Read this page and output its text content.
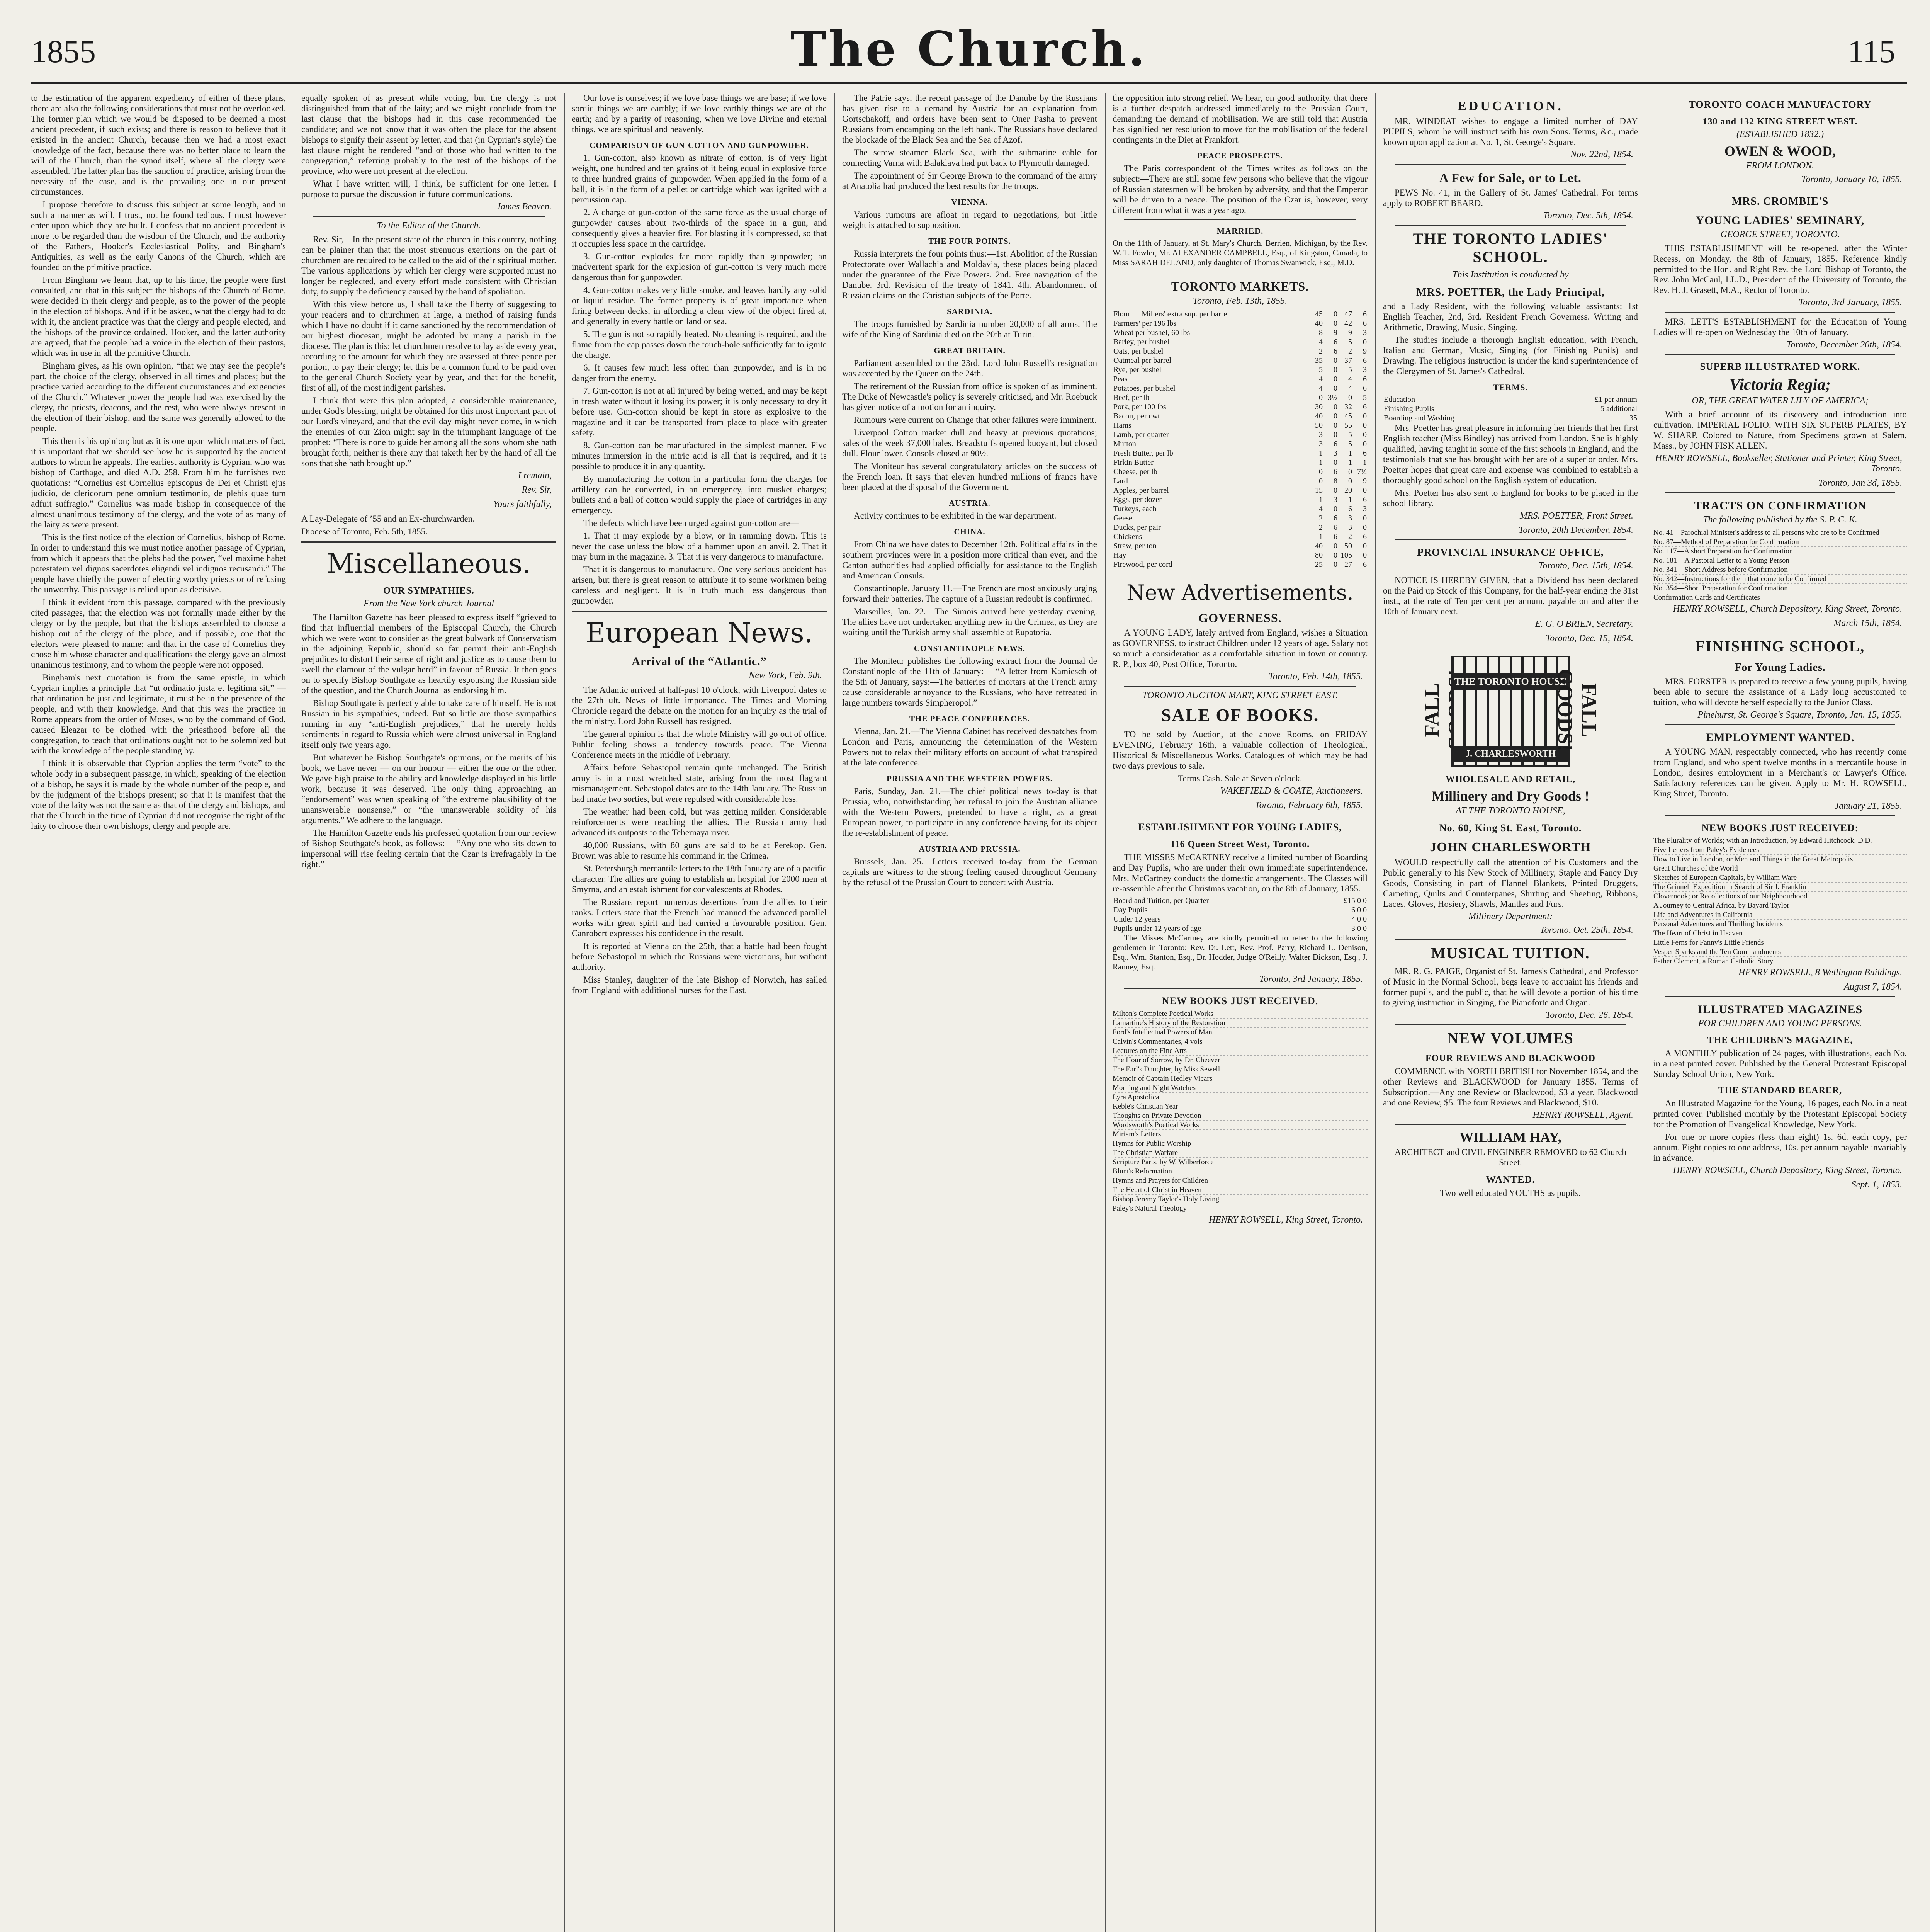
1855	The Church.	115

to the estimation of the apparent expediency of either of these plans, there are also the following considerations that must not be overlooked. The former plan which we would be disposed to be deemed a most ancient precedent, if such exists; and there is reason to believe that it existed in the ancient Church, because then we had a most exact knowledge of the fact, because there was no better place to learn the will of the Church, than the synod itself, where all the clergy were assembled. The latter plan has the sanction of practice, arising from the necessity of the case, and is the prevailing one in our present circumstances.

I propose therefore to discuss this subject at some length, and in such a manner as will, I trust, not be found tedious. I must however enter upon which they are built. I confess that no ancient precedent is more to be regarded than the wisdom of the Church, and the authority of the Fathers, Hooker's Ecclesiastical Polity, and Bingham's Antiquities, as well as the early Canons of the Church, which are founded on the primitive practice.

From Bingham we learn that, up to his time, the people were first consulted, and that in this subject the bishops of the Church of Rome, were decided in their clergy and people, as to the power of the people in the election of bishops. And if it be asked, what the clergy had to do with it, the ancient practice was that the clergy and people elected, and the bishops of the province ordained. Hooker, and the latter authority are agreed, that the people had a voice in the election of their pastors, which was in use in all the primitive Church.

Bingham gives, as his own opinion, “that we may see the people’s part, the choice of the clergy, observed in all times and places; but the practice varied according to the different circumstances and exigencies of the Church.” Whatever power the people had was exercised by the clergy, the priests, deacons, and the rest, who were always present in the election of their bishop, and the same was generally allowed to the people.

This then is his opinion; but as it is one upon which matters of fact, it is important that we should see how he is supported by the ancient authors to whom he appeals. The earliest authority is Cyprian, who was bishop of Carthage, and died A.D. 258. From him he furnishes two quotations: “Cornelius est Cornelius episcopus de Dei et Christi ejus judicio, de clericorum pene omnium testimonio, de plebis quae tum adfuit suffragio.” Cornelius was made bishop in consequence of the almost unanimous testimony of the clergy, and the vote of as many of the laity as were present.

This is the first notice of the election of Cornelius, bishop of Rome. In order to understand this we must notice another passage of Cyprian, from which it appears that the plebs had the power, “vel maxime habet potestatem vel dignos sacerdotes eligendi vel indignos recusandi.” The people have chiefly the power of electing worthy priests or of refusing the unworthy. This passage is relied upon as decisive.

I think it evident from this passage, compared with the previously cited passages, that the election was not formally made either by the clergy or by the people, but that the bishops assembled to choose a bishop out of the clergy of the place, and if possible, one that the electors were pleased to name; and that in the case of Cornelius they chose him whose character and qualifications the clergy gave an almost unanimous testimony, and to whom the people were not opposed.

Bingham's next quotation is from the same epistle, in which Cyprian implies a principle that “ut ordinatio justa et legitima sit,” — that ordination be just and legitimate, it must be in the presence of the people, and with their knowledge. And that this was the practice in Rome appears from the order of Moses, who by the command of God, caused Eleazar to be clothed with the priesthood before all the congregation, to teach that ordinations ought not to be solemnized but with the knowledge of the people standing by.

I think it is observable that Cyprian applies the term “vote” to the whole body in a subsequent passage, in which, speaking of the election of a bishop, he says it is made by the whole number of the people, and by the judgment of the bishops present; so that it is manifest that the vote of the laity was not the same as that of the clergy and bishops, and that the Church in the time of Cyprian did not recognise the right of the laity to choose their own bishops, clergy and people are.

equally spoken of as present while voting, but the clergy is not distinguished from that of the laity; and we might conclude from the last clause that the bishops had in this case recommended the candidate; and we not know that it was often the place for the absent bishops to signify their assent by letter, and that (in Cyprian's style) the last clause might be rendered “and of those who had written to the congregation,” referring probably to the rest of the bishops of the province, who were not present at the election.

What I have written will, I think, be sufficient for one letter. I purpose to pursue the discussion in future communications.

James Beaven.
To the Editor of the Church.

Rev. Sir,—In the present state of the church in this country, nothing can be plainer than that the most strenuous exertions on the part of churchmen are required to be called to the aid of their spiritual mother. The various applications by which her clergy were supported must no longer be neglected, and every effort made consistent with Christian duty, to supply the deficiency caused by the hand of spoliation.

With this view before us, I shall take the liberty of suggesting to your readers and to churchmen at large, a method of raising funds which I have no doubt if it came sanctioned by the recommendation of our highest diocesan, might be adopted by many a parish in the diocese. The plan is this: let churchmen resolve to lay aside every year, according to the amount for which they are assessed at three pence per portion, to pay their clergy; let this be a common fund to be paid over to the general Church Society year by year, and that for the benefit, first of all, of the most indigent parishes.

I think that were this plan adopted, a considerable maintenance, under God's blessing, might be obtained for this most important part of our Lord's vineyard, and that the evil day might never come, in which the enemies of our Zion might say in the triumphant language of the prophet: “There is none to guide her among all the sons whom she hath brought forth; neither is there any that taketh her by the hand of all the sons that she hath brought up.”

I remain,
Rev. Sir,
Yours faithfully,

A Lay-Delegate of ’55 and an Ex-churchwarden.

Diocese of Toronto, Feb. 5th, 1855.

Miscellaneous.
OUR SYMPATHIES.
From the New York church Journal

The Hamilton Gazette has been pleased to express itself “grieved to find that influential members of the Episcopal Church, the Church which we were wont to consider as the great bulwark of Conservatism in the adjoining Republic, should so far permit their anti-English prejudices to distort their sense of right and justice as to cause them to swell the clamour of the vulgar herd” in favour of Russia. It then goes on to specify Bishop Southgate as heartily espousing the Russian side of the question, and the Church Journal as endorsing him.

Bishop Southgate is perfectly able to take care of himself. He is not Russian in his sympathies, indeed. But so little are those sympathies running in any “anti-English prejudices,” that he merely holds sentiments in regard to Russia which were almost universal in England itself only two years ago.

But whatever be Bishop Southgate's opinions, or the merits of his book, we have never — on our honour — either the one or the other. We gave high praise to the ability and knowledge displayed in his little work, because it was deserved. The only thing approaching an “endorsement” was when speaking of “the extreme plausibility of the unanswerable nonsense,” or “the unanswerable solidity of his arguments.” We adhere to the language.

The Hamilton Gazette ends his professed quotation from our review of Bishop Southgate's book, as follows:— “Any one who sits down to impersonal will rise feeling certain that the Czar is irrefragably in the right.”

Our love is ourselves; if we love base things we are base; if we love sordid things we are earthly; if we love earthly things we are of the earth; and by a parity of reasoning, when we love Divine and eternal things, we are spiritual and heavenly.

COMPARISON OF GUN-COTTON AND GUNPOWDER.

1. Gun-cotton, also known as nitrate of cotton, is of very light weight, one hundred and ten grains of it being equal in explosive force to three hundred grains of gunpowder. When applied in the form of a ball, it is in the form of a pellet or cartridge which was ignited with a percussion cap.

2. A charge of gun-cotton of the same force as the usual charge of gunpowder causes about two-thirds of the space in a gun, and consequently gives a heavier fire. For blasting it is compressed, so that it occupies less space in the cartridge.

3. Gun-cotton explodes far more rapidly than gunpowder; an inadvertent spark for the explosion of gun-cotton is very much more dangerous than for gunpowder.

4. Gun-cotton makes very little smoke, and leaves hardly any solid or liquid residue. The former property is of great importance when firing between decks, in affording a clear view of the object fired at, and generally in every battle on land or sea.

5. The gun is not so rapidly heated. No cleaning is required, and the flame from the cap passes down the touch-hole sufficiently far to ignite the charge.

6. It causes few much less often than gunpowder, and is in no danger from the enemy.

7. Gun-cotton is not at all injured by being wetted, and may be kept in fresh water without it losing its power; it is only necessary to dry it before use. Gun-cotton should be kept in store as explosive to the magazine and it can be transported from place to place with greater safety.

8. Gun-cotton can be manufactured in the simplest manner. Five minutes immersion in the nitric acid is all that is required, and it is possible to produce it in any quantity.

By manufacturing the cotton in a particular form the charges for artillery can be converted, in an emergency, into musket charges; bullets and a ball of cotton would supply the place of cartridges in any emergency.

The defects which have been urged against gun-cotton are—

1. That it may explode by a blow, or in ramming down. This is never the case unless the blow of a hammer upon an anvil. 2. That it may burn in the magazine. 3. That it is very dangerous to manufacture.

That it is dangerous to manufacture. One very serious accident has arisen, but there is great reason to attribute it to some workmen being careless and negligent. It is in truth much less dangerous than gunpowder.

European News.
Arrival of the “Atlantic.”
New York, Feb. 9th.

The Atlantic arrived at half-past 10 o'clock, with Liverpool dates to the 27th ult. News of little importance. The Times and Morning Chronicle regard the debate on the motion for an inquiry as the trial of the ministry. Lord John Russell has resigned.

The general opinion is that the whole Ministry will go out of office. Public feeling shows a tendency towards peace. The Vienna Conference meets in the middle of February.

Affairs before Sebastopol remain quite unchanged. The British army is in a most wretched state, arising from the most flagrant mismanagement. Sebastopol dates are to the 14th January. The Russian had made two sorties, but were repulsed with considerable loss.

The weather had been cold, but was getting milder. Considerable reinforcements were reaching the allies. The Russian army had advanced its outposts to the Tchernaya river.

40,000 Russians, with 80 guns are said to be at Perekop. Gen. Brown was able to resume his command in the Crimea.

St. Petersburgh mercantile letters to the 18th January are of a pacific character. The allies are going to establish an hospital for 2000 men at Smyrna, and an establishment for convalescents at Rhodes.

The Russians report numerous desertions from the allies to their ranks. Letters state that the French had manned the advanced parallel works with great spirit and had carried a favourable position. Gen. Canrobert expresses his confidence in the result.

It is reported at Vienna on the 25th, that a battle had been fought before Sebastopol in which the Russians were victorious, but without authority.

Miss Stanley, daughter of the late Bishop of Norwich, has sailed from England with additional nurses for the East.

The Patrie says, the recent passage of the Danube by the Russians has given rise to a demand by Austria for an explanation from Gortschakoff, and orders have been sent to Oner Pasha to prevent Russians from encamping on the left bank. The Russians have declared the blockade of the Black Sea and the Sea of Azof.

The screw steamer Black Sea, with the submarine cable for connecting Varna with Balaklava had put back to Plymouth damaged.

The appointment of Sir George Brown to the command of the army at Anatolia had produced the best results for the troops.

VIENNA.

Various rumours are afloat in regard to negotiations, but little weight is attached to supposition.

THE FOUR POINTS.

Russia interprets the four points thus:—1st. Abolition of the Russian Protectorate over Wallachia and Moldavia, these places being placed under the guarantee of the Five Powers. 2nd. Free navigation of the Danube. 3rd. Revision of the treaty of 1841. 4th. Abandonment of Russian claims on the Christian subjects of the Porte.

SARDINIA.

The troops furnished by Sardinia number 20,000 of all arms. The wife of the King of Sardinia died on the 20th at Turin.

GREAT BRITAIN.

Parliament assembled on the 23rd. Lord John Russell's resignation was accepted by the Queen on the 24th.

The retirement of the Russian from office is spoken of as imminent. The Duke of Newcastle's policy is severely criticised, and Mr. Roebuck has given notice of a motion for an inquiry.

Rumours were current on Change that other failures were imminent.

Liverpool Cotton market dull and heavy at previous quotations; sales of the week 37,000 bales. Breadstuffs opened buoyant, but closed dull. Flour lower. Consols closed at 90½.

The Moniteur has several congratulatory articles on the success of the French loan. It says that eleven hundred millions of francs have been placed at the disposal of the Government.

AUSTRIA.

Activity continues to be exhibited in the war department.

CHINA.

From China we have dates to December 12th. Political affairs in the southern provinces were in a position more critical than ever, and the Canton authorities had applied officially for assistance to the English and American Consuls.

Constantinople, January 11.—The French are most anxiously urging forward their batteries. The capture of a Russian redoubt is confirmed.

Marseilles, Jan. 22.—The Simois arrived here yesterday evening. The allies have not undertaken anything new in the Crimea, as they are waiting until the Turkish army shall assemble at Eupatoria.

CONSTANTINOPLE NEWS.

The Moniteur publishes the following extract from the Journal de Constantinople of the 11th of January:— “A letter from Kamiesch of the 5th of January, says:—The batteries of mortars at the French army cause considerable annoyance to the Russians, who have retreated in large numbers towards Simpheropol.”

THE PEACE CONFERENCES.

Vienna, Jan. 21.—The Vienna Cabinet has received despatches from London and Paris, announcing the determination of the Western Powers not to relax their military efforts on account of what transpired at the late conference.

PRUSSIA AND THE WESTERN POWERS.

Paris, Sunday, Jan. 21.—The chief political news to-day is that Prussia, who, notwithstanding her refusal to join the Austrian alliance with the Western Powers, pretended to have a right, as a great European power, to participate in any conference having for its object the re-establishment of peace.

AUSTRIA AND PRUSSIA.

Brussels, Jan. 25.—Letters received to-day from the German capitals are witness to the strong feeling caused throughout Germany by the refusal of the Prussian Court to concert with Austria.

the opposition into strong relief. We hear, on good authority, that there is a further despatch addressed immediately to the Prussian Court, demanding the demand of mobilisation. We are still told that Austria has signified her resolution to move for the mobilisation of the federal contingents in the Diet at Frankfort.

PEACE PROSPECTS.

The Paris correspondent of the Times writes as follows on the subject:—There are still some few persons who believe that the vigour of Russian statesmen will be broken by adversity, and that the Emperor will be driven to a peace. The position of the Czar is, however, very different from what it was a year ago.

MARRIED.

On the 11th of January, at St. Mary's Church, Berrien, Michigan, by the Rev. W. T. Fowler, Mr. ALEXANDER CAMPBELL, Esq., of Kingston, Canada, to Miss SARAH DELANO, only daughter of Thomas Swanwick, Esq., M.D.

TORONTO MARKETS.
Toronto, Feb. 13th, 1855.
Flour — Millers' extra sup. per barrel	45	0	47	6
Farmers' per 196 lbs	40	0	42	6
Wheat per bushel, 60 lbs	8	9	9	3
Barley, per bushel	4	6	5	0
Oats, per bushel	2	6	2	9
Oatmeal per barrel	35	0	37	6
Rye, per bushel	5	0	5	3
Peas	4	0	4	6
Potatoes, per bushel	4	0	4	6
Beef, per lb	0	3½	0	5
Pork, per 100 lbs	30	0	32	6
Bacon, per cwt	40	0	45	0
Hams	50	0	55	0
Lamb, per quarter	3	0	5	0
Mutton	3	6	5	0
Fresh Butter, per lb	1	3	1	6
Firkin Butter	1	0	1	1
Cheese, per lb	0	6	0	7½
Lard	0	8	0	9
Apples, per barrel	15	0	20	0
Eggs, per dozen	1	3	1	6
Turkeys, each	4	0	6	3
Geese	2	6	3	0
Ducks, per pair	2	6	3	0
Chickens	1	6	2	6
Straw, per ton	40	0	50	0
Hay	80	0	105	0
Firewood, per cord	25	0	27	6
New Advertisements.
GOVERNESS.

A YOUNG LADY, lately arrived from England, wishes a Situation as GOVERNESS, to instruct Children under 12 years of age. Salary not so much a consideration as a comfortable situation in town or country. R. P., box 40, Post Office, Toronto.

Toronto, Feb. 14th, 1855.
TORONTO AUCTION MART, KING STREET EAST.
SALE OF BOOKS.

TO be sold by Auction, at the above Rooms, on FRIDAY EVENING, February 16th, a valuable collection of Theological, Historical & Miscellaneous Works. Catalogues of which may be had two days previous to sale.

Terms Cash. Sale at Seven o'clock.

WAKEFIELD & COATE, Auctioneers.
Toronto, February 6th, 1855.
ESTABLISHMENT FOR YOUNG LADIES,
116 Queen Street West, Toronto.

THE MISSES McCARTNEY receive a limited number of Boarding and Day Pupils, who are under their own immediate superintendence. Mrs. McCartney conducts the domestic arrangements. The Classes will re-assemble after the Christmas vacation, on the 8th of January, 1855.

Board and Tuition, per Quarter	£15 0 0
Day Pupils	6 0 0
Under 12 years	4 0 0
Pupils under 12 years of age	3 0 0

The Misses McCartney are kindly permitted to refer to the following gentlemen in Toronto: Rev. Dr. Lett, Rev. Prof. Parry, Richard L. Denison, Esq., Wm. Stanton, Esq., Dr. Hodder, Judge O'Reilly, Walter Dickson, Esq., J. Ranney, Esq.

Toronto, 3rd January, 1855.
NEW BOOKS JUST RECEIVED.
Milton's Complete Poetical Works
Lamartine's History of the Restoration
Ford's Intellectual Powers of Man
Calvin's Commentaries, 4 vols
Lectures on the Fine Arts
The Hour of Sorrow, by Dr. Cheever
The Earl's Daughter, by Miss Sewell
Memoir of Captain Hedley Vicars
Morning and Night Watches
Lyra Apostolica
Keble's Christian Year
Thoughts on Private Devotion
Wordsworth's Poetical Works
Miriam's Letters
Hymns for Public Worship
The Christian Warfare
Scripture Parts, by W. Wilberforce
Blunt's Reformation
Hymns and Prayers for Children
The Heart of Christ in Heaven
Bishop Jeremy Taylor's Holy Living
Paley's Natural Theology
HENRY ROWSELL, King Street, Toronto.
EDUCATION.

MR. WINDEAT wishes to engage a limited number of DAY PUPILS, whom he will instruct with his own Sons. Terms, &c., made known upon application at No. 1, St. George's Square.

Nov. 22nd, 1854.
A Few for Sale, or to Let.

PEWS No. 41, in the Gallery of St. James' Cathedral. For terms apply to ROBERT BEARD.

Toronto, Dec. 5th, 1854.
THE TORONTO LADIES' SCHOOL.
This Institution is conducted by
MRS. POETTER, the Lady Principal,

and a Lady Resident, with the following valuable assistants: 1st English Teacher, 2nd, 3rd. Resident French Governess. Writing and Arithmetic, Drawing, Music, Singing.

The studies include a thorough English education, with French, Italian and German, Music, Singing (for Finishing Pupils) and Drawing. The religious instruction is under the kind superintendence of the Clergymen of St. James's Cathedral.

TERMS.
Education	£1 per annum
Finishing Pupils	5 additional
Boarding and Washing	35

Mrs. Poetter has great pleasure in informing her friends that her first English teacher (Miss Bindley) has arrived from London. She is highly qualified, having taught in some of the first schools in England, and the testimonials that she has brought with her are of a superior order. Mrs. Poetter hopes that great care and expense was combined to establish a thoroughly good school on the English system of education.

Mrs. Poetter has also sent to England for books to be placed in the school library.

MRS. POETTER, Front Street.
Toronto, 20th December, 1854.
PROVINCIAL INSURANCE OFFICE,
Toronto, Dec. 15th, 1854.

NOTICE IS HEREBY GIVEN, that a Dividend has been declared on the Paid up Stock of this Company, for the half-year ending the 31st inst., at the rate of Ten per cent per annum, payable on and after the 10th of January next.

E. G. O'BRIEN, Secretary.
Toronto, Dec. 15, 1854.
FALL
THE TORONTO HOUSE
J. CHARLESWORTH
FALL GOODS!
WHOLESALE AND RETAIL,
Millinery and Dry Goods !
AT THE TORONTO HOUSE,
No. 60, King St. East, Toronto.
JOHN CHARLESWORTH

WOULD respectfully call the attention of his Customers and the Public generally to his New Stock of Millinery, Staple and Fancy Dry Goods, Consisting in part of Flannel Blankets, Printed Druggets, Carpeting, Quilts and Counterpanes, Shirting and Sheeting, Ribbons, Laces, Gloves, Hosiery, Shawls, Mantles and Furs.

Millinery Department:
Toronto, Oct. 25th, 1854.
MUSICAL TUITION.

MR. R. G. PAIGE, Organist of St. James's Cathedral, and Professor of Music in the Normal School, begs leave to acquaint his friends and former pupils, and the public, that he will devote a portion of his time to giving instruction in Singing, the Pianoforte and Organ.

Toronto, Dec. 26, 1854.
NEW VOLUMES
FOUR REVIEWS AND BLACKWOOD

COMMENCE with NORTH BRITISH for November 1854, and the other Reviews and BLACKWOOD for January 1855. Terms of Subscription.—Any one Review or Blackwood, $3 a year. Blackwood and one Review, $5. The four Reviews and Blackwood, $10.

HENRY ROWSELL, Agent.
WILLIAM HAY,

ARCHITECT and CIVIL ENGINEER REMOVED to 62 Church Street.

WANTED.

Two well educated YOUTHS as pupils.

TORONTO COACH MANUFACTORY
130 and 132 KING STREET WEST.
(ESTABLISHED 1832.)
OWEN & WOOD,
FROM LONDON.
Toronto, January 10, 1855.
MRS. CROMBIE'S
YOUNG LADIES' SEMINARY,
GEORGE STREET, TORONTO.

THIS ESTABLISHMENT will be re-opened, after the Winter Recess, on Monday, the 8th of January, 1855. Reference kindly permitted to the Hon. and Right Rev. the Lord Bishop of Toronto, the Rev. John McCaul, LL.D., President of the University of Toronto, the Rev. H. J. Grasett, M.A., Rector of Toronto.

Toronto, 3rd January, 1855.

MRS. LETT'S ESTABLISHMENT for the Education of Young Ladies will re-open on Wednesday the 10th of January.

Toronto, December 20th, 1854.
SUPERB ILLUSTRATED WORK.
Victoria Regia;
OR, THE GREAT WATER LILY OF AMERICA;

With a brief account of its discovery and introduction into cultivation. IMPERIAL FOLIO, WITH SIX SUPERB PLATES, BY W. SHARP. Colored to Nature, from Specimens grown at Salem, Mass., by JOHN FISK ALLEN.

HENRY ROWSELL, Bookseller, Stationer and Printer, King Street, Toronto.
Toronto, Jan 3d, 1855.
TRACTS ON CONFIRMATION
The following published by the S. P. C. K.
No. 41—Parochial Minister's address to all persons who are to be Confirmed
No. 87—Method of Preparation for Confirmation
No. 117—A short Preparation for Confirmation
No. 181—A Pastoral Letter to a Young Person
No. 341—Short Address before Confirmation
No. 342—Instructions for them that come to be Confirmed
No. 354—Short Preparation for Confirmation
Confirmation Cards and Certificates
HENRY ROWSELL, Church Depository, King Street, Toronto.
March 15th, 1854.
FINISHING SCHOOL,
For Young Ladies.

MRS. FORSTER is prepared to receive a few young pupils, having been able to secure the assistance of a Lady long accustomed to tuition, who will devote herself especially to the Junior Class.

Pinehurst, St. George's Square, Toronto, Jan. 15, 1855.
EMPLOYMENT WANTED.

A YOUNG MAN, respectably connected, who has recently come from England, and who spent twelve months in a mercantile house in London, desires employment in a Merchant's or Lawyer's Office. Satisfactory references can be given. Apply to Mr. H. ROWSELL, King Street, Toronto.

January 21, 1855.
NEW BOOKS JUST RECEIVED:
The Plurality of Worlds; with an Introduction, by Edward Hitchcock, D.D.
Five Letters from Paley's Evidences
How to Live in London, or Men and Things in the Great Metropolis
Great Churches of the World
Sketches of European Capitals, by William Ware
The Grinnell Expedition in Search of Sir J. Franklin
Clovernook; or Recollections of our Neighbourhood
A Journey to Central Africa, by Bayard Taylor
Life and Adventures in California
Personal Adventures and Thrilling Incidents
The Heart of Christ in Heaven
Little Ferns for Fanny's Little Friends
Vesper Sparks and the Ten Commandments
Father Clement, a Roman Catholic Story
HENRY ROWSELL, 8 Wellington Buildings.
August 7, 1854.
ILLUSTRATED MAGAZINES
FOR CHILDREN AND YOUNG PERSONS.
THE CHILDREN'S MAGAZINE,

A MONTHLY publication of 24 pages, with illustrations, each No. in a neat printed cover. Published by the General Protestant Episcopal Sunday School Union, New York.

THE STANDARD BEARER,

An Illustrated Magazine for the Young, 16 pages, each No. in a neat printed cover. Published monthly by the Protestant Episcopal Society for the Promotion of Evangelical Knowledge, New York.

For one or more copies (less than eight) 1s. 6d. each copy, per annum. Eight copies to one address, 10s. per annum payable invariably in advance.

HENRY ROWSELL, Church Depository, King Street, Toronto.
Sept. 1, 1853.
